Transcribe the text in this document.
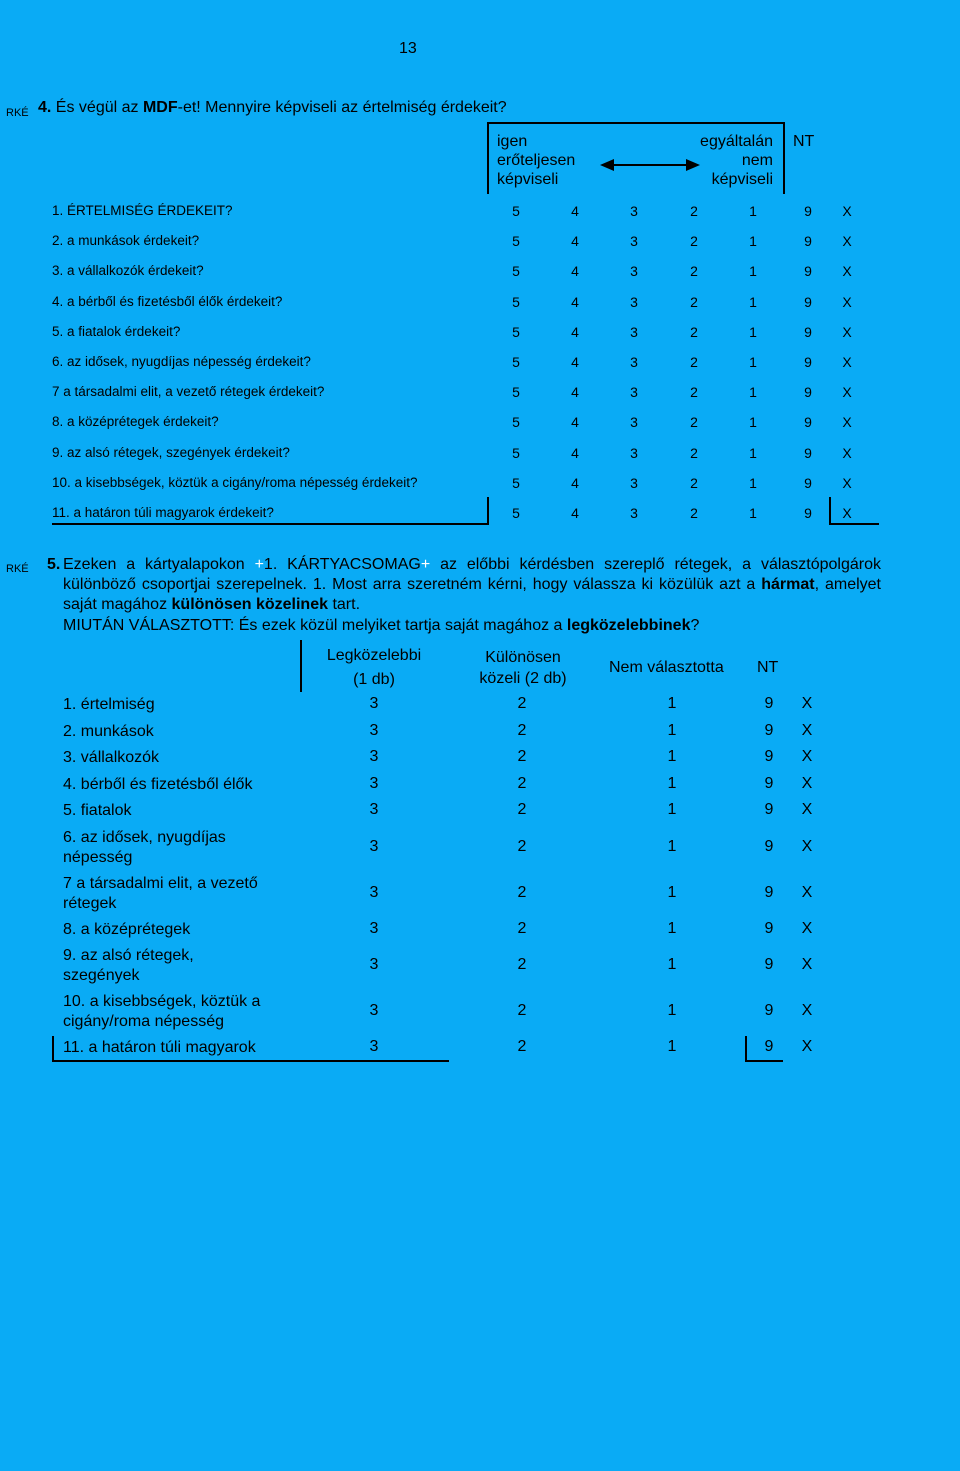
13
RKÉ 4. És végül az MDF-et! Mennyire képviseli az értelmiség érdekeit?
igen
erőteljesen
képviseli
egyáltalán
nem
képviseli
NT
1. ÉRTELMISÉG ÉRDEKEIT?	5	4	3	2	1	9	X
2. a munkások érdekeit?	5	4	3	2	1	9	X
3. a vállalkozók érdekeit?	5	4	3	2	1	9	X
4. a bérből és fizetésből élők érdekeit?	5	4	3	2	1	9	X
5. a fiatalok érdekeit?	5	4	3	2	1	9	X
6. az idősek, nyugdíjas népesség érdekeit?	5	4	3	2	1	9	X
7 a társadalmi elit, a vezető rétegek érdekeit?	5	4	3	2	1	9	X
8. a középrétegek érdekeit?	5	4	3	2	1	9	X
9. az alsó rétegek, szegények érdekeit?	5	4	3	2	1	9	X
10. a kisebbségek, köztük a cigány/roma népesség érdekeit?	5	4	3	2	1	9	X
11. a határon túli magyarok érdekeit?	5	4	3	2	1	9	X
RKÉ 5. Ezeken a kártyalapokon +1. KÁRTYACSOMAG+ az előbbi kérdésben szereplő rétegek, a választópolgárok különböző csoportjai szerepelnek. 1. Most arra szeretném kérni, hogy válassza ki közülük azt a hármat, amelyet saját magához különösen közelinek tart.
MIUTÁN VÁLASZTOTT: És ezek közül melyiket tartja saját magához a legközelebbinek?
Legközelebbi
(1 db)
Különösen
közeli (2 db)
Nem választotta NT
1. értelmiség	3	2	1	9	X
2. munkások	3	2	1	9	X
3. vállalkozók	3	2	1	9	X
4. bérből és fizetésből élők	3	2	1	9	X
5. fiatalok	3	2	1	9	X
6. az idősek, nyugdíjas
népesség
3	2	1	9	X
7 a társadalmi elit, a vezető
rétegek
3	2	1	9	X
8. a középrétegek	3	2	1	9	X
9. az alsó rétegek,
szegények
3	2	1	9	X
10. a kisebbségek, köztük a
cigány/roma népesség
3	2	1	9	X
11. a határon túli magyarok	3	2	1	9	X
